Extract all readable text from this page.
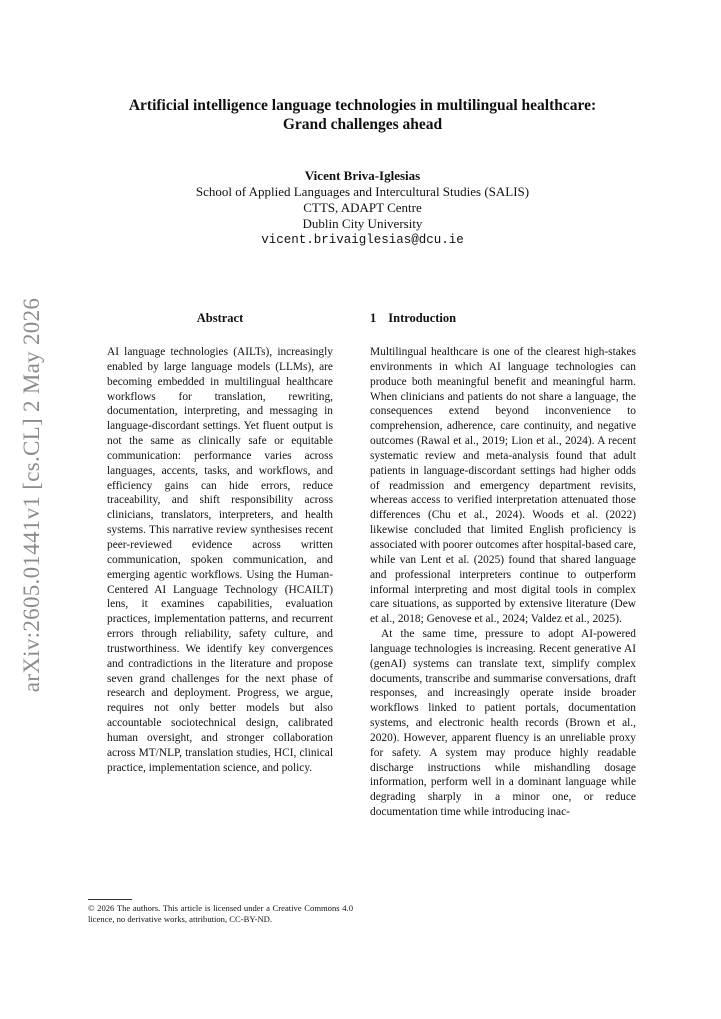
arXiv:2605.01441v1 [cs.CL] 2 May 2026
Artificial intelligence language technologies in multilingual healthcare:
Grand challenges ahead
Vicent Briva-Iglesias
School of Applied Languages and Intercultural Studies (SALIS)
CTTS, ADAPT Centre
Dublin City University
vicent.brivaiglesias@dcu.ie
Abstract

AI language technologies (AILTs), increasingly enabled by large language models (LLMs), are becoming embedded in multilingual healthcare workflows for translation, rewriting, documentation, interpreting, and messaging in language-discordant settings. Yet fluent output is not the same as clinically safe or equitable communication: performance varies across languages, accents, tasks, and workflows, and efficiency gains can hide errors, reduce traceability, and shift responsibility across clinicians, translators, interpreters, and health systems. This narrative review synthesises recent peer-reviewed evidence across written communication, spoken communication, and emerging agentic workflows. Using the Human-Centered AI Language Technology (HCAILT) lens, it examines capabilities, evaluation practices, implementation patterns, and recurrent errors through reliability, safety culture, and trustworthiness. We identify key convergences and contradictions in the literature and propose seven grand challenges for the next phase of research and deployment. Progress, we argue, requires not only better models but also accountable sociotechnical design, calibrated human oversight, and stronger collaboration across MT/NLP, translation studies, HCI, clinical practice, implementation science, and policy.

© 2026 The authors. This article is licensed under a Creative Commons 4.0 licence, no derivative works, attribution, CC-BY-ND.
1 Introduction

Multilingual healthcare is one of the clearest high-stakes environments in which AI language technologies can produce both meaningful benefit and meaningful harm. When clinicians and patients do not share a language, the consequences extend beyond inconvenience to comprehension, adherence, care continuity, and negative outcomes (Rawal et al., 2019; Lion et al., 2024). A recent systematic review and meta-analysis found that adult patients in language-discordant settings had higher odds of readmission and emergency department revisits, whereas access to verified interpretation attenuated those differences (Chu et al., 2024). Woods et al. (2022) likewise concluded that limited English proficiency is associated with poorer outcomes after hospital-based care, while van Lent et al. (2025) found that shared language and professional interpreters continue to outperform informal interpreting and most digital tools in complex care situations, as supported by extensive literature (Dew et al., 2018; Genovese et al., 2024; Valdez et al., 2025).

At the same time, pressure to adopt AI-powered language technologies is increasing. Recent generative AI (genAI) systems can translate text, simplify complex documents, transcribe and summarise conversations, draft responses, and increasingly operate inside broader workflows linked to patient portals, documentation systems, and electronic health records (Brown et al., 2020). However, apparent fluency is an unreliable proxy for safety. A system may produce highly readable discharge instructions while mishandling dosage information, perform well in a dominant language while degrading sharply in a minor one, or reduce documentation time while introducing inac-
